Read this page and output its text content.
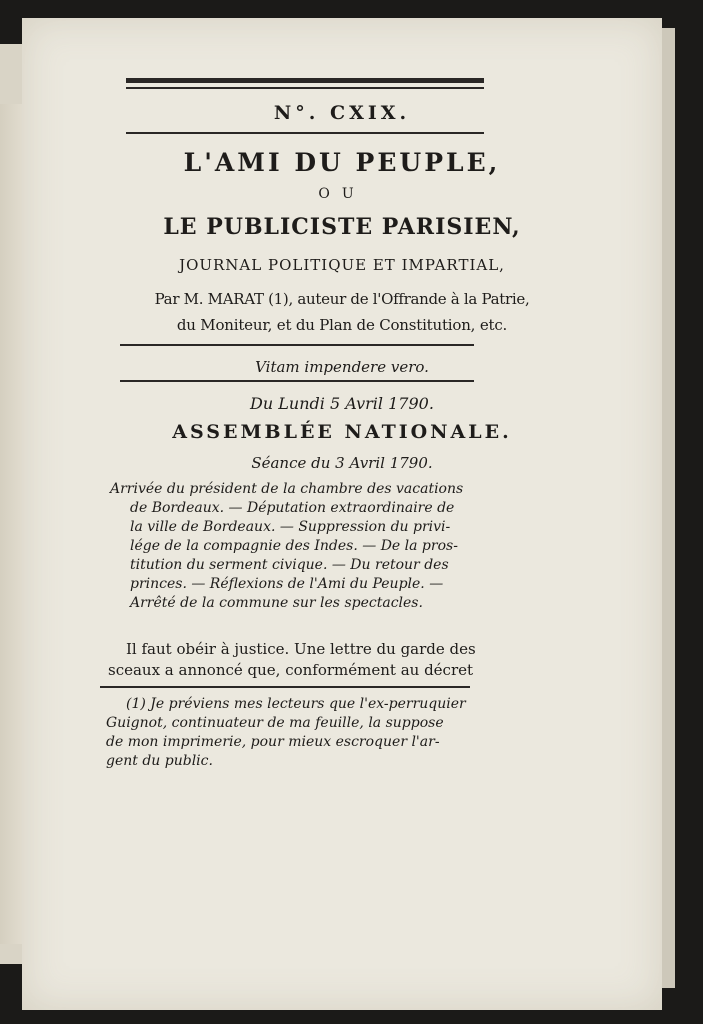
N°. CXIX.
L'AMI DU PEUPLE,
OU
LE PUBLICISTE PARISIEN,
JOURNAL POLITIQUE ET IMPARTIAL,
Par M. MARAT (1), auteur de l'Offrande à la Patrie,
du Moniteur, et du Plan de Constitution, etc.
Vitam impendere vero.
Du Lundi 5 Avril 1790.
ASSEMBLÉE NATIONALE.
Séance du 3 Avril 1790.
Arrivée du président de la chambre des vacations
de Bordeaux. — Députation extraordinaire de
la ville de Bordeaux. — Suppression du privi-
lége de la compagnie des Indes. — De la pros-
titution du serment civique. — Du retour des
princes. — Réflexions de l'Ami du Peuple. —
Arrêté de la commune sur les spectacles.
Il faut obéir à justice. Une lettre du garde des
sceaux a annoncé que, conformément au décret
(1) Je préviens mes lecteurs que l'ex-perruquier
Guignot, continuateur de ma feuille, la suppose
de mon imprimerie, pour mieux escroquer l'ar-
gent du public.
